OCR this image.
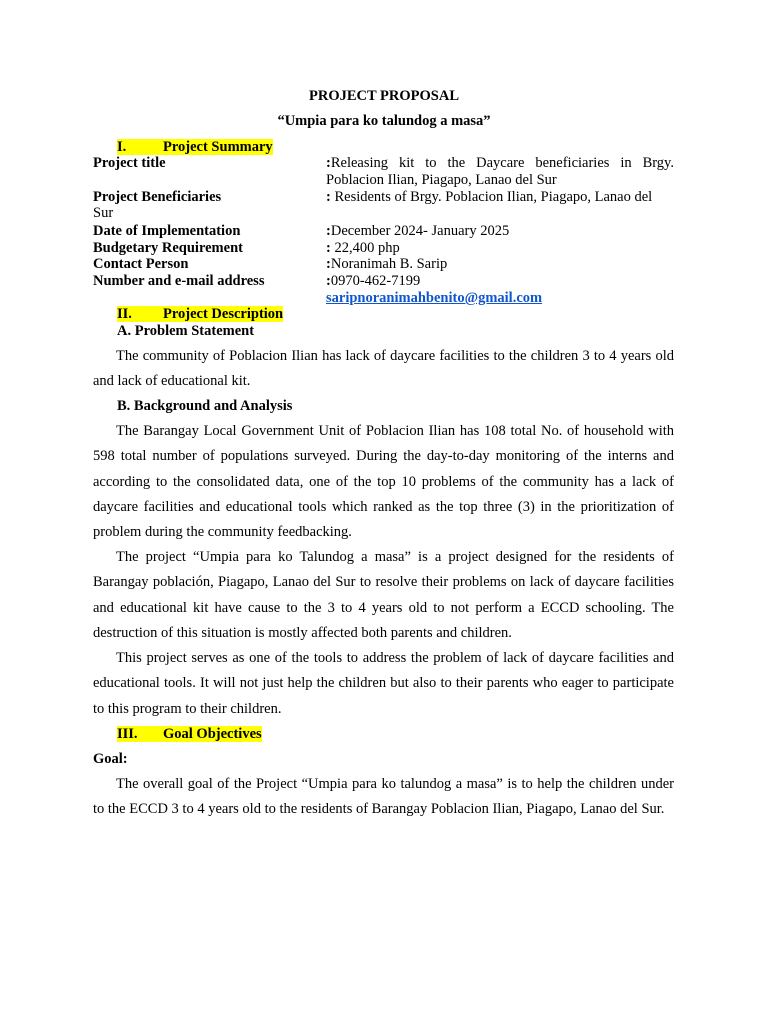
PROJECT PROPOSAL
“Umpia para ko talundog a masa”
I.	Project Summary
Project title	:Releasing kit to the Daycare beneficiaries in Brgy. Poblacion Ilian, Piagapo, Lanao del Sur
Project Beneficiaries	: Residents of Brgy. Poblacion Ilian, Piagapo, Lanao del
Sur
Date of Implementation	:December 2024- January 2025
Budgetary Requirement	: 22,400 php
Contact Person	:Noranimah B. Sarip
Number and e-mail address	:0970-462-7199
saripnoranimahbenito@gmail.com
II. Project Description
A. Problem Statement
The community of Poblacion Ilian has lack of daycare facilities to the children 3 to 4 years old and lack of educational kit.
B. Background and Analysis
The Barangay Local Government Unit of Poblacion Ilian has 108 total No. of household with 598 total number of populations surveyed. During the day-to-day monitoring of the interns and according to the consolidated data, one of the top 10 problems of the community has a lack of daycare facilities and educational tools which ranked as the top three (3) in the prioritization of problem during the community feedbacking.
The project “Umpia para ko Talundog a masa” is a project designed for the residents of Barangay población, Piagapo, Lanao del Sur to resolve their problems on lack of daycare facilities and educational kit have cause to the 3 to 4 years old to not perform a ECCD schooling. The destruction of this situation is mostly affected both parents and children.
This project serves as one of the tools to address the problem of lack of daycare facilities and educational tools. It will not just help the children but also to their parents who eager to participate to this program to their children.
III. Goal Objectives
Goal:
The overall goal of the Project “Umpia para ko talundog a masa” is to help the children under to the ECCD 3 to 4 years old to the residents of Barangay Poblacion Ilian, Piagapo, Lanao del Sur.
